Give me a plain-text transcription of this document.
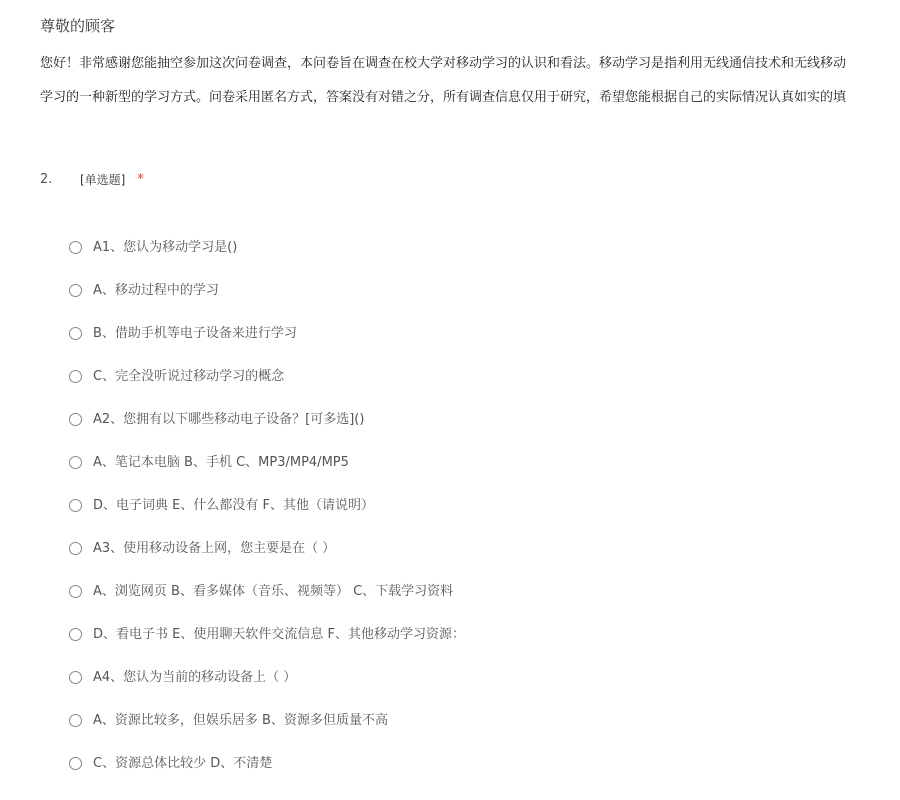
尊敬的顾客
您好！非常感谢您能抽空参加这次问卷调查，本问卷旨在调查在校大学对移动学习的认识和看法。移动学习是指利用无线通信技术和无线移动
学习的一种新型的学习方式。问卷采用匿名方式，答案没有对错之分，所有调查信息仅用于研究，希望您能根据自己的实际情况认真如实的填
2.	[单选题] *
A1、您认为移动学习是()
A、移动过程中的学习
B、借助手机等电子设备来进行学习
C、完全没听说过移动学习的概念
A2、您拥有以下哪些移动电子设备？[可多选]()
A、笔记本电脑 B、手机 C、MP3/MP4/MP5
D、电子词典 E、什么都没有 F、其他（请说明）
A3、使用移动设备上网，您主要是在（ ）
A、浏览网页 B、看多媒体（音乐、视频等） C、下载学习资料
D、看电子书 E、使用聊天软件交流信息 F、其他移动学习资源：
A4、您认为当前的移动设备上（ ）
A、资源比较多，但娱乐居多 B、资源多但质量不高
C、资源总体比较少 D、不清楚
